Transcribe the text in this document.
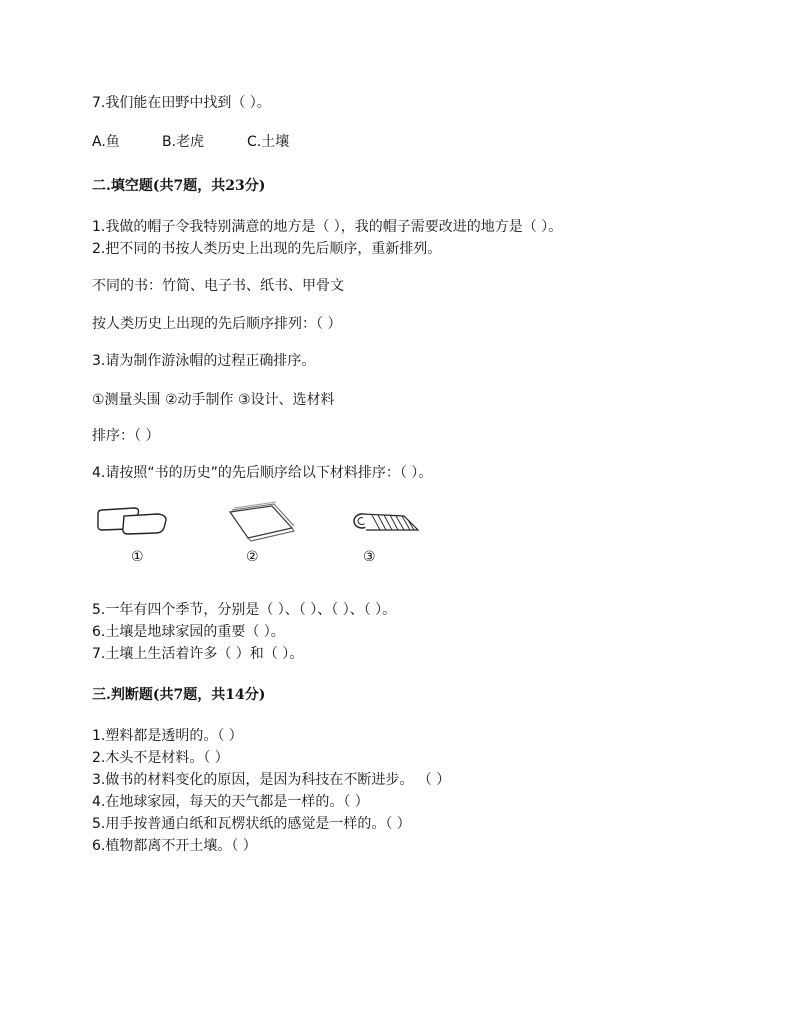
7.我们能在田野中找到（ ）。
A.鱼	B.老虎	C.土壤
二.填空题(共7题，共23分)
1.我做的帽子令我特别满意的地方是（ ），我的帽子需要改进的地方是（ ）。
2.把不同的书按人类历史上出现的先后顺序，重新排列。
不同的书：竹简、电子书、纸书、甲骨文
按人类历史上出现的先后顺序排列：（ ）
3.请为制作游泳帽的过程正确排序。
①测量头围 ②动手制作 ③设计、选材料
排序：（ ）
4.请按照“书的历史”的先后顺序给以下材料排序：（ ）。
①	②	③
5.一年有四个季节，分别是（ ）、（ ）、（ ）、（ ）。
6.土壤是地球家园的重要（ ）。
7.土壤上生活着许多（ ）和（ ）。
三.判断题(共7题，共14分)
1.塑料都是透明的。（ ）
2.木头不是材料。（ ）
3.做书的材料变化的原因，是因为科技在不断进步。 （ ）
4.在地球家园，每天的天气都是一样的。（ ）
5.用手按普通白纸和瓦楞状纸的感觉是一样的。（ ）
6.植物都离不开土壤。（ ）
